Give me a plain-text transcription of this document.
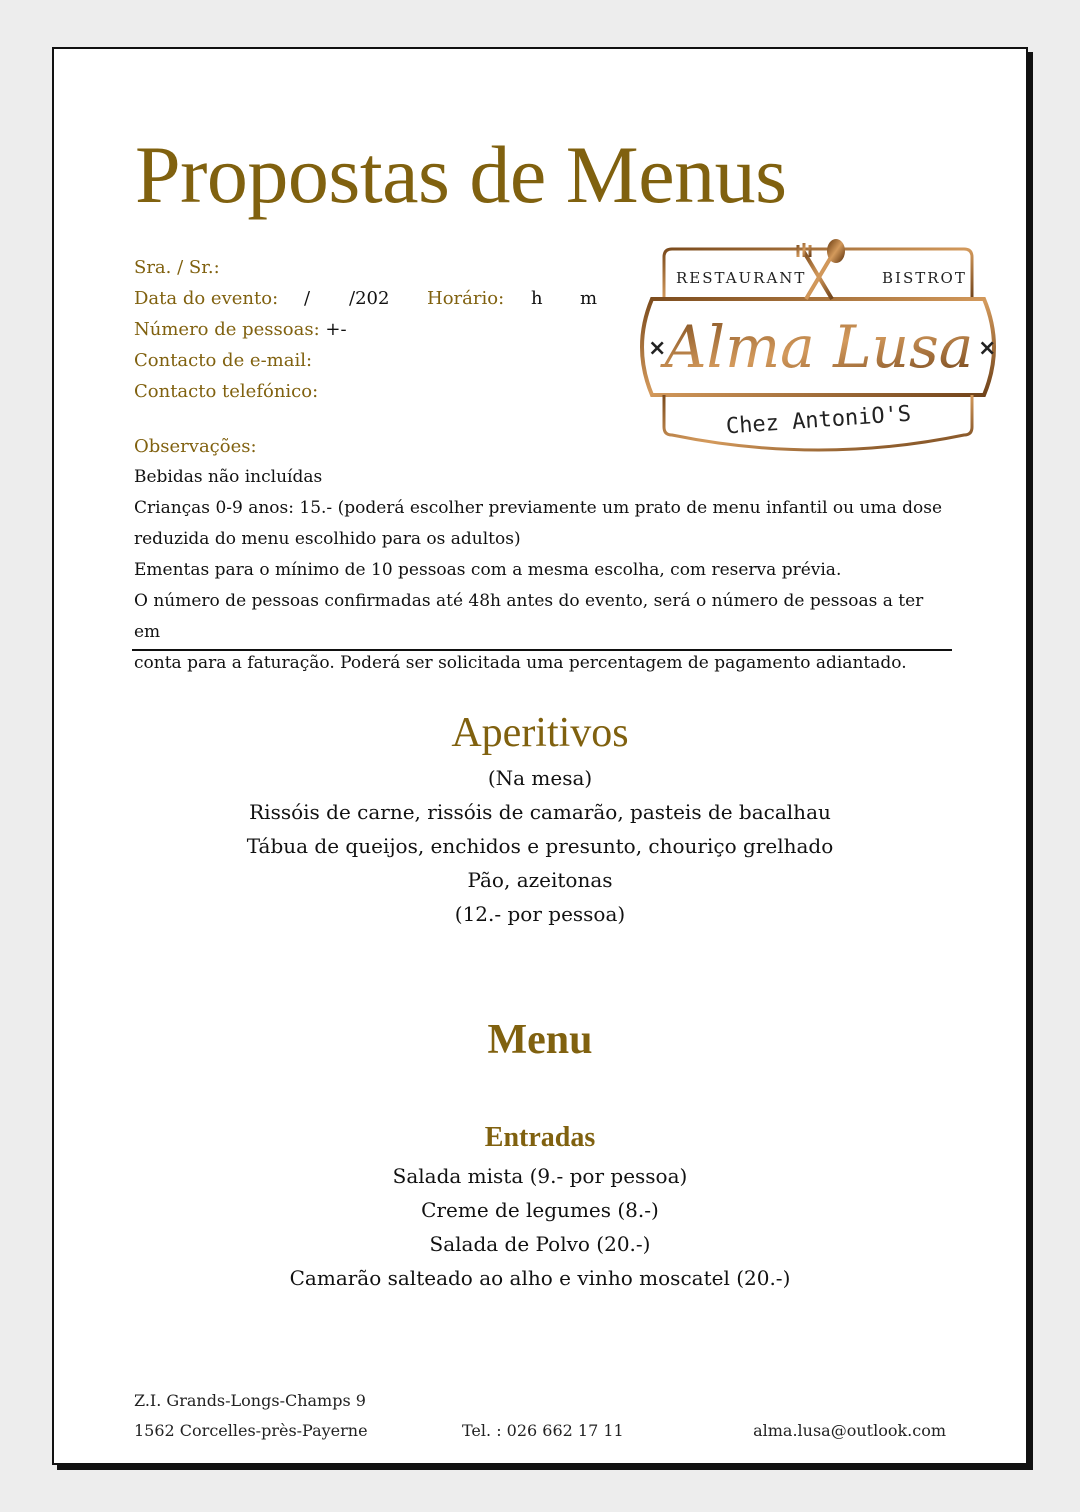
Propostas de Menus
Sra. / Sr.:
Data do evento: / /202 Horário: h m
Número de pessoas: +-
Contacto de e-mail:
Contacto telefónico:
RESTAURANT	BISTROT
×	×
Alma Lusa
Chez AntoniO'S
Observações:
Bebidas não incluídas
Crianças 0-9 anos: 15.- (poderá escolher previamente um prato de menu infantil ou uma dose
reduzida do menu escolhido para os adultos)
Ementas para o mínimo de 10 pessoas com a mesma escolha, com reserva prévia.
O número de pessoas confirmadas até 48h antes do evento, será o número de pessoas a ter em
conta para a faturação. Poderá ser solicitada uma percentagem de pagamento adiantado.
Aperitivos
(Na mesa)
Rissóis de carne, rissóis de camarão, pasteis de bacalhau
Tábua de queijos, enchidos e presunto, chouriço grelhado
Pão, azeitonas
(12.- por pessoa)
Menu
Entradas
Salada mista (9.- por pessoa)
Creme de legumes (8.-)
Salada de Polvo (20.-)
Camarão salteado ao alho e vinho moscatel (20.-)
Z.I. Grands-Longs-Champs 9
1562 Corcelles-près-Payerne	Tel. : 026 662 17 11	alma.lusa@outlook.com
